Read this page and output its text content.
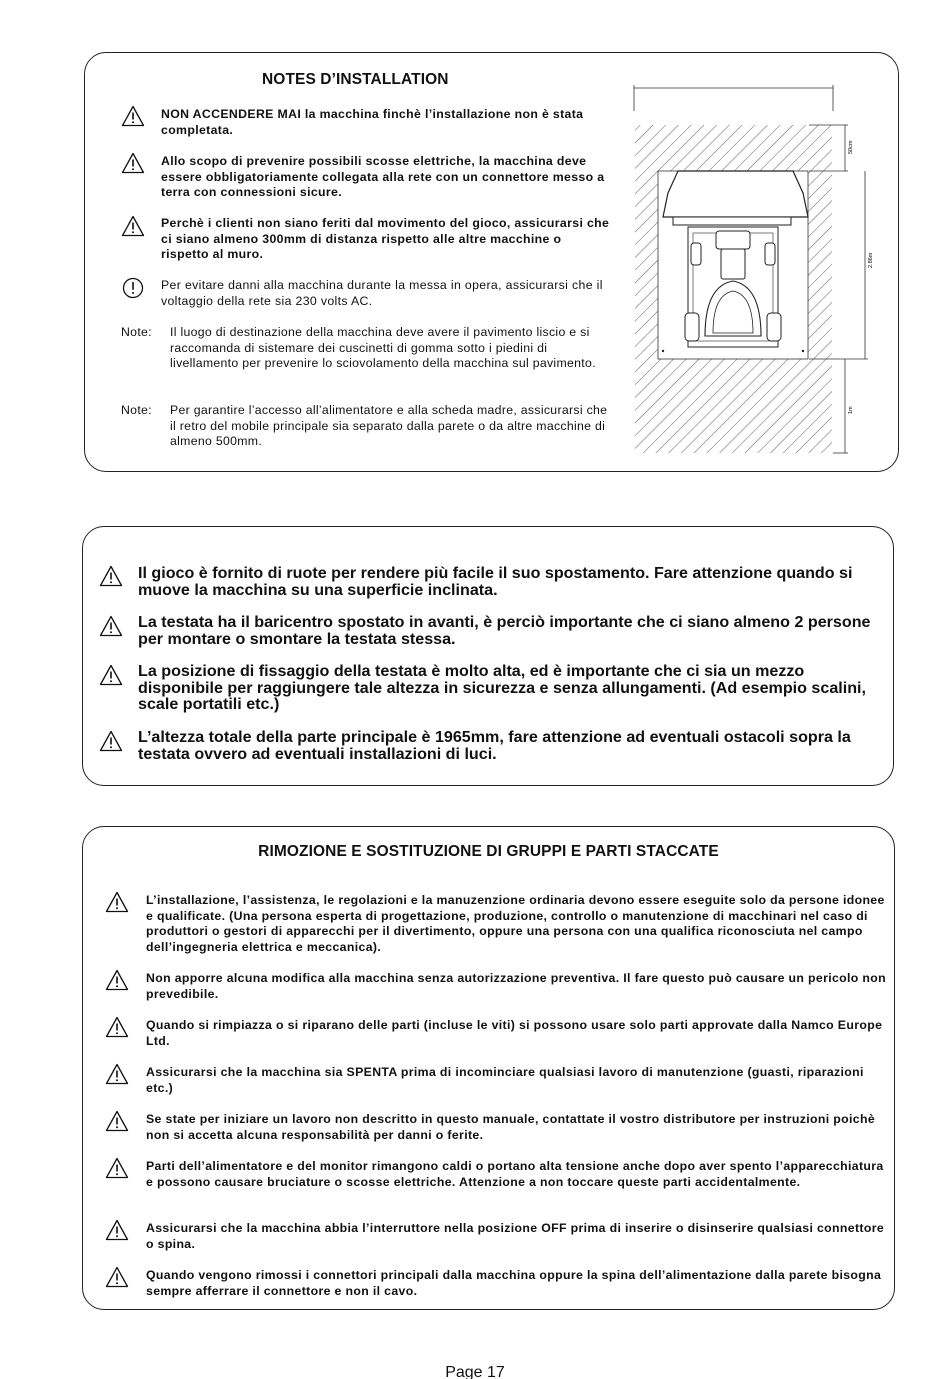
NOTES D’INSTALLATION
NON ACCENDERE MAI la macchina finchè l’installazione non è stata completata.
Allo scopo di prevenire possibili scosse elettriche, la macchina deve essere obbligatoriamente collegata alla rete con un connettore messo a terra con connessioni sicure.
Perchè i clienti non siano feriti dal movimento del gioco, assicurarsi che ci siano almeno 300mm di distanza rispetto alle altre macchine o rispetto al muro.
Per evitare danni alla macchina durante la messa in opera, assicurarsi che il voltaggio della rete sia 230 volts AC.
Note: Il luogo di destinazione della macchina deve avere il pavimento liscio e si raccomanda di sistemare dei cuscinetti di gomma sotto i piedini di livellamento per prevenire lo sciovolamento della macchina sul pavimento.
Note: Per garantire l’accesso all’alimentatore e alla scheda madre, assicurarsi che il retro del mobile principale sia separato dalla parete o da altre macchine di almeno 500mm.
50cm
2.86m
1m
Il gioco è fornito di ruote per rendere più facile il suo spostamento. Fare attenzione quando si muove la macchina su una superficie inclinata.
La testata ha il baricentro spostato in avanti, è perciò importante che ci siano almeno 2 persone per montare o smontare la testata stessa.
La posizione di fissaggio della testata è molto alta, ed è importante che ci sia un mezzo disponibile per raggiungere tale altezza in sicurezza e senza allungamenti. (Ad esempio scalini, scale portatili etc.)
L’altezza totale della parte principale è 1965mm, fare attenzione ad eventuali ostacoli sopra la testata ovvero ad eventuali installazioni di luci.
RIMOZIONE E SOSTITUZIONE DI GRUPPI E PARTI STACCATE
L’installazione, l’assistenza, le regolazioni e la manuzenzione ordinaria devono essere eseguite solo da persone idonee e qualificate. (Una persona esperta di progettazione, produzione, controllo o manutenzione di macchinari nel caso di produttori o gestori di apparecchi per il divertimento, oppure una persona con una qualifica riconosciuta nel campo dell’ingegneria elettrica e meccanica).
Non apporre alcuna modifica alla macchina senza autorizzazione preventiva. Il fare questo può causare un pericolo non prevedibile.
Quando si rimpiazza o si riparano delle parti (incluse le viti) si possono usare solo parti approvate dalla Namco Europe Ltd.
Assicurarsi che la macchina sia SPENTA prima di incominciare qualsiasi lavoro di manutenzione (guasti, riparazioni etc.)
Se state per iniziare un lavoro non descritto in questo manuale, contattate il vostro distributore per instruzioni poichè non si accetta alcuna responsabilità per danni o ferite.
Parti dell’alimentatore e del monitor rimangono caldi o portano alta tensione anche dopo aver spento l’apparecchiatura e possono causare bruciature o scosse elettriche. Attenzione a non toccare queste parti accidentalmente.
Assicurarsi che la macchina abbia l’interruttore nella posizione OFF prima di inserire o disinserire qualsiasi connettore o spina.
Quando vengono rimossi i connettori principali dalla macchina oppure la spina dell’alimentazione dalla parete bisogna sempre afferrare il connettore e non il cavo.
Page 17
